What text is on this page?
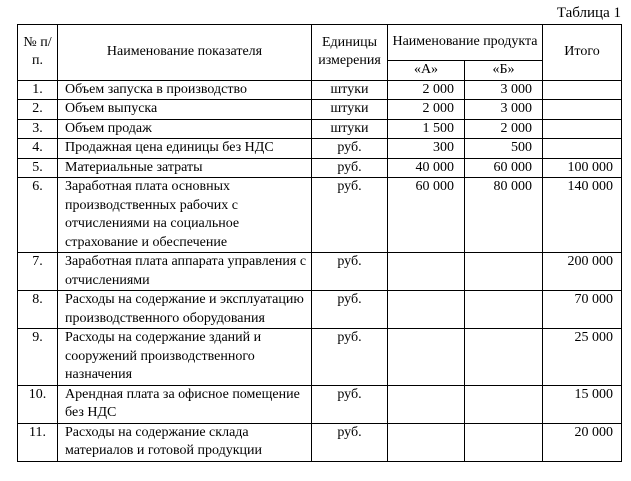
Таблица 1
№ п/п.	Наименование показателя	Единицы измерения	Наименование продукта		Итого
			«А»	«Б»	
1.	Объем запуска в производство	штуки	2 000	3 000	
2.	Объем выпуска	штуки	2 000	3 000	
3.	Объем продаж	штуки	1 500	2 000	
4.	Продажная цена единицы без НДС	руб.	300	500	
5.	Материальные затраты	руб.	40 000	60 000	100 000
6.	Заработная плата основных производственных рабочих с отчислениями на социальное страхование и обеспечение	руб.	60 000	80 000	140 000
7.	Заработная плата аппарата управления с отчислениями	руб.			200 000
8.	Расходы на содержание и эксплуатацию производственного оборудования	руб.			70 000
9.	Расходы на содержание зданий и сооружений производственного назначения	руб.			25 000
10.	Арендная плата за офисное помещение без НДС	руб.			15 000
11.	Расходы на содержание склада материалов и готовой продукции	руб.			20 000
